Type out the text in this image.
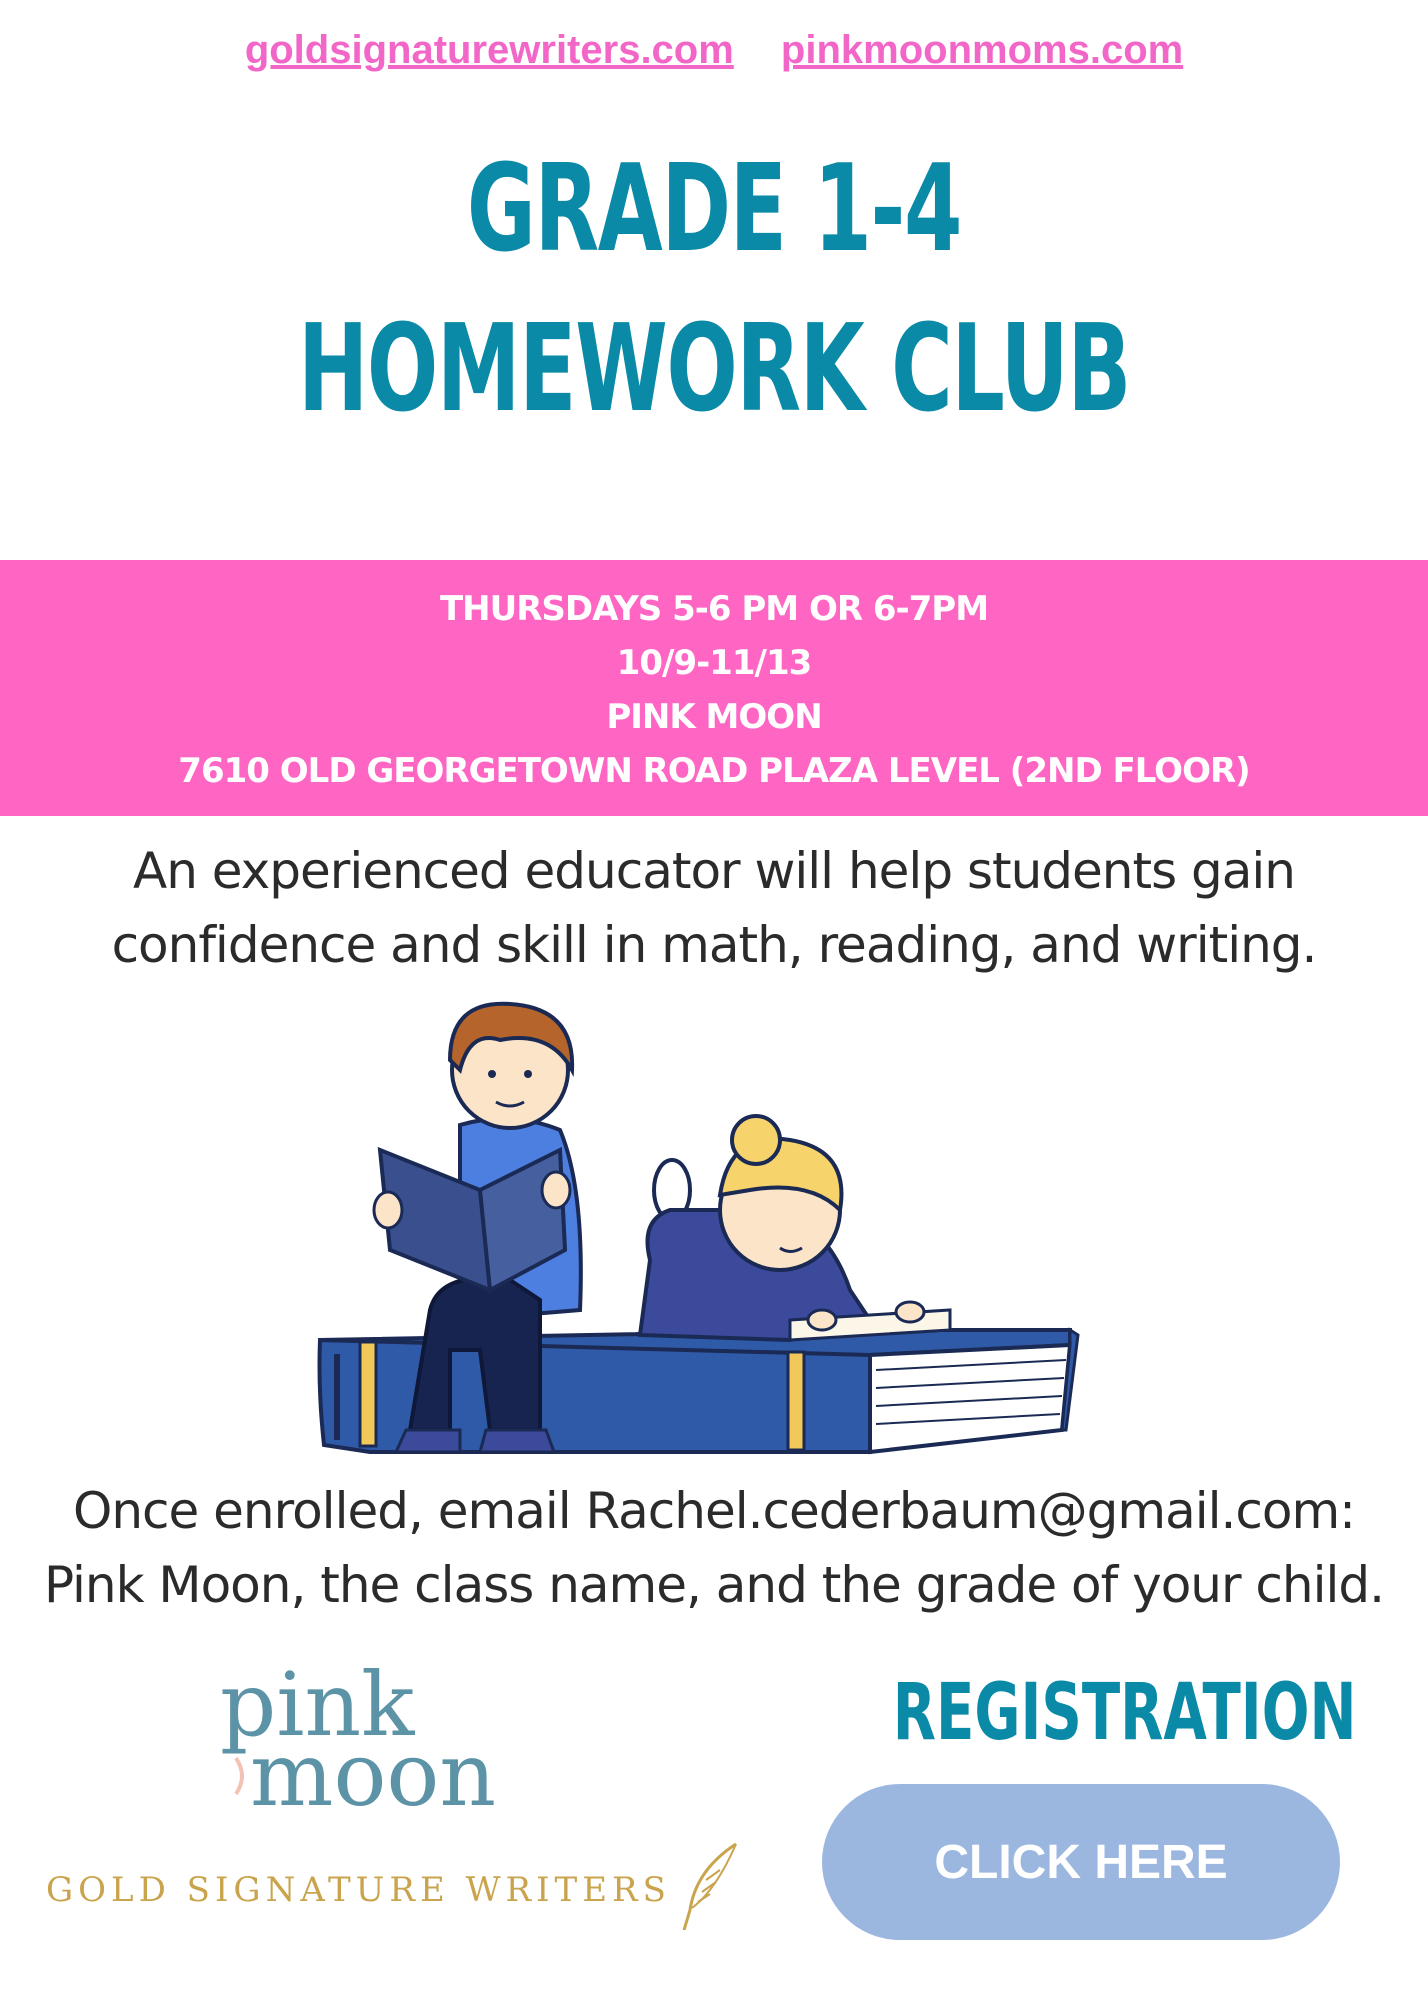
goldsignaturewriters.com pinkmoonmoms.com
GRADE 1-4
HOMEWORK CLUB
THURSDAYS 5-6 PM OR 6-7PM
10/9-11/13
PINK MOON
7610 OLD GEORGETOWN ROAD PLAZA LEVEL (2ND FLOOR)
An experienced educator will help students gain
confidence and skill in math, reading, and writing.
Once enrolled, email Rachel.cederbaum@gmail.com:
Pink Moon, the class name, and the grade of your child.
pink
moon
GOLD SIGNATURE WRITERS
REGISTRATION
CLICK HERE
